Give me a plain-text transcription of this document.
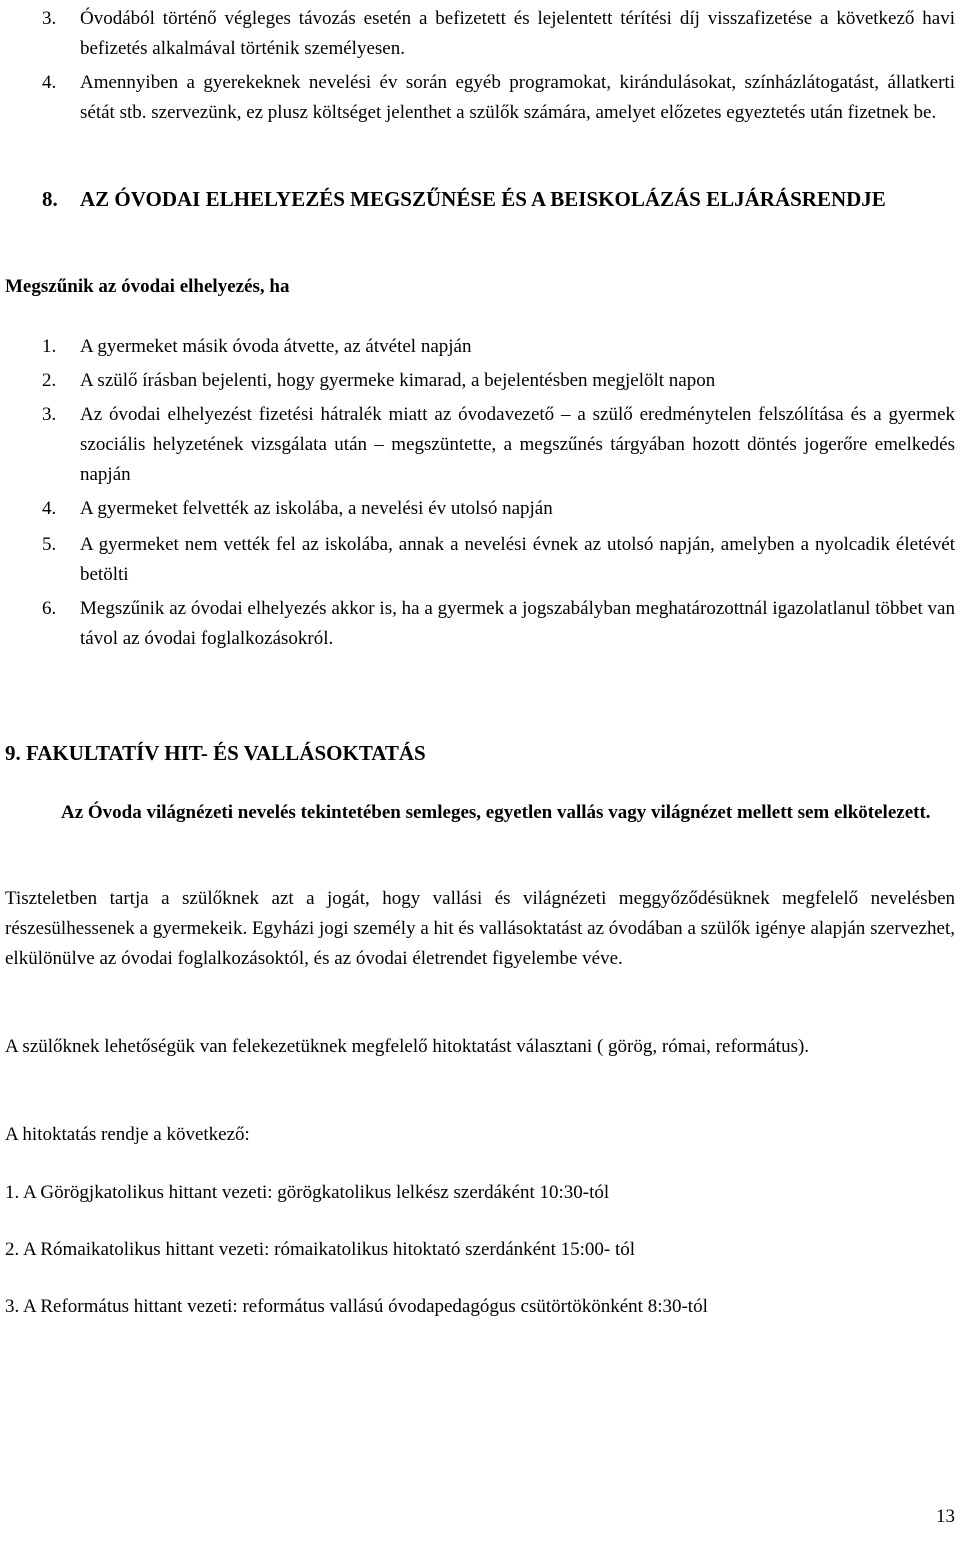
3.	Óvodából történő végleges távozás esetén a befizetett és lejelentett térítési díj visszafizetése a következő havi befizetés alkalmával történik személyesen.

4.	Amennyiben a gyerekeknek nevelési év során egyéb programokat, kirándulásokat, színházlátogatást, állatkerti sétát stb. szervezünk, ez plusz költséget jelenthet a szülők számára, amelyet előzetes egyeztetés után fizetnek be.

8. AZ ÓVODAI ELHELYEZÉS MEGSZŰNÉSE ÉS A BEISKOLÁZÁS ELJÁRÁSRENDJE

Megszűnik az óvodai elhelyezés, ha

1.	A gyermeket másik óvoda átvette, az átvétel napján

2.	A szülő írásban bejelenti, hogy gyermeke kimarad, a bejelentésben megjelölt napon

3.	Az óvodai elhelyezést fizetési hátralék miatt az óvodavezető – a szülő eredménytelen felszólítása és a gyermek szociális helyzetének vizsgálata után – megszüntette, a megszűnés tárgyában hozott döntés jogerőre emelkedés napján

4.	A gyermeket felvették az iskolába, a nevelési év utolsó napján

5.	A gyermeket nem vették fel az iskolába, annak a nevelési évnek az utolsó napján, amelyben a nyolcadik életévét betölti

6.	Megszűnik az óvodai elhelyezés akkor is, ha a gyermek a jogszabályban meghatározottnál igazolatlanul többet van távol az óvodai foglalkozásokról.

9. FAKULTATÍV HIT- ÉS VALLÁSOKTATÁS

Az Óvoda világnézeti nevelés tekintetében semleges, egyetlen vallás vagy világnézet mellett sem elkötelezett.

Tiszteletben tartja a szülőknek azt a jogát, hogy vallási és világnézeti meggyőződésüknek megfelelő nevelésben részesülhessenek a gyermekeik. Egyházi jogi személy a hit és vallásoktatást az óvodában a szülők igénye alapján szervezhet, elkülönülve az óvodai foglalkozásoktól, és az óvodai életrendet figyelembe véve.

A szülőknek lehetőségük van felekezetüknek megfelelő hitoktatást választani ( görög, római, református).

A hitoktatás rendje a következő:

1. A Görögjkatolikus hittant vezeti: görögkatolikus lelkész szerdáként 10:30-tól

2. A Rómaikatolikus hittant vezeti: rómaikatolikus hitoktató szerdánként 15:00- tól

3. A Református hittant vezeti: református vallású óvodapedagógus csütörtökönként 8:30-tól

13
